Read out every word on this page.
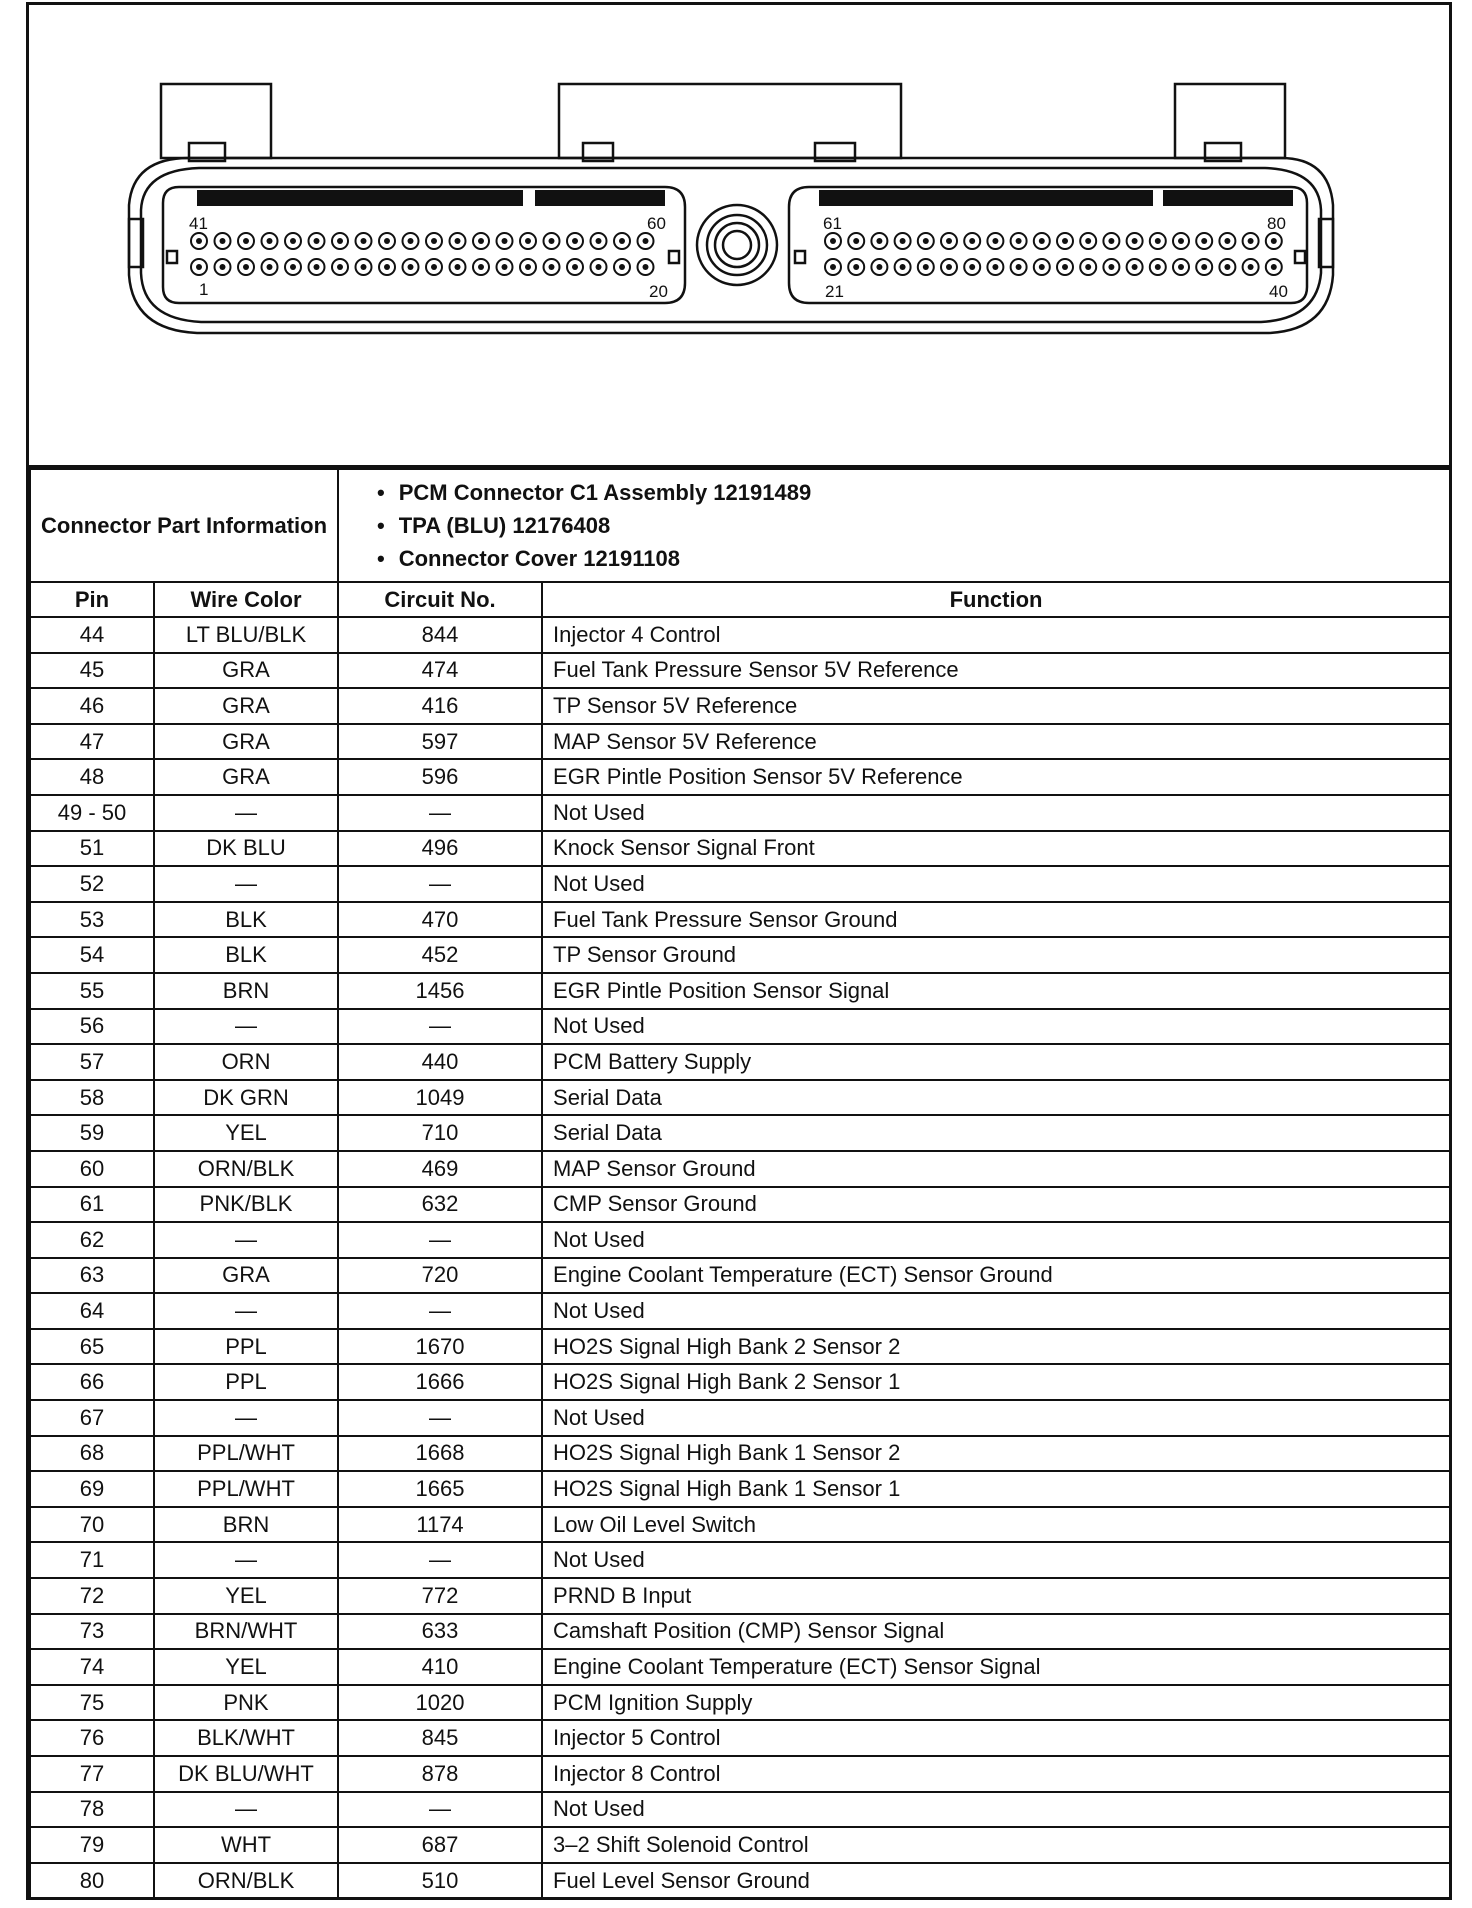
41	60	61	80
1	20	21	40
Connector Part Information		• PCM Connector C1 Assembly 12191489
• TPA (BLU) 12176408
• Connector Cover 12191108

Pin	Wire Color	Circuit No.	Function
44	LT BLU/BLK	844	Injector 4 Control
45	GRA	474	Fuel Tank Pressure Sensor 5V Reference
46	GRA	416	TP Sensor 5V Reference
47	GRA	597	MAP Sensor 5V Reference
48	GRA	596	EGR Pintle Position Sensor 5V Reference
49 - 50	—	—	Not Used
51	DK BLU	496	Knock Sensor Signal Front
52	—	—	Not Used
53	BLK	470	Fuel Tank Pressure Sensor Ground
54	BLK	452	TP Sensor Ground
55	BRN	1456	EGR Pintle Position Sensor Signal
56	—	—	Not Used
57	ORN	440	PCM Battery Supply
58	DK GRN	1049	Serial Data
59	YEL	710	Serial Data
60	ORN/BLK	469	MAP Sensor Ground
61	PNK/BLK	632	CMP Sensor Ground
62	—	—	Not Used
63	GRA	720	Engine Coolant Temperature (ECT) Sensor Ground
64	—	—	Not Used
65	PPL	1670	HO2S Signal High Bank 2 Sensor 2
66	PPL	1666	HO2S Signal High Bank 2 Sensor 1
67	—	—	Not Used
68	PPL/WHT	1668	HO2S Signal High Bank 1 Sensor 2
69	PPL/WHT	1665	HO2S Signal High Bank 1 Sensor 1
70	BRN	1174	Low Oil Level Switch
71	—	—	Not Used
72	YEL	772	PRND B Input
73	BRN/WHT	633	Camshaft Position (CMP) Sensor Signal
74	YEL	410	Engine Coolant Temperature (ECT) Sensor Signal
75	PNK	1020	PCM Ignition Supply
76	BLK/WHT	845	Injector 5 Control
77	DK BLU/WHT	878	Injector 8 Control
78	—	—	Not Used
79	WHT	687	3–2 Shift Solenoid Control
80	ORN/BLK	510	Fuel Level Sensor Ground
